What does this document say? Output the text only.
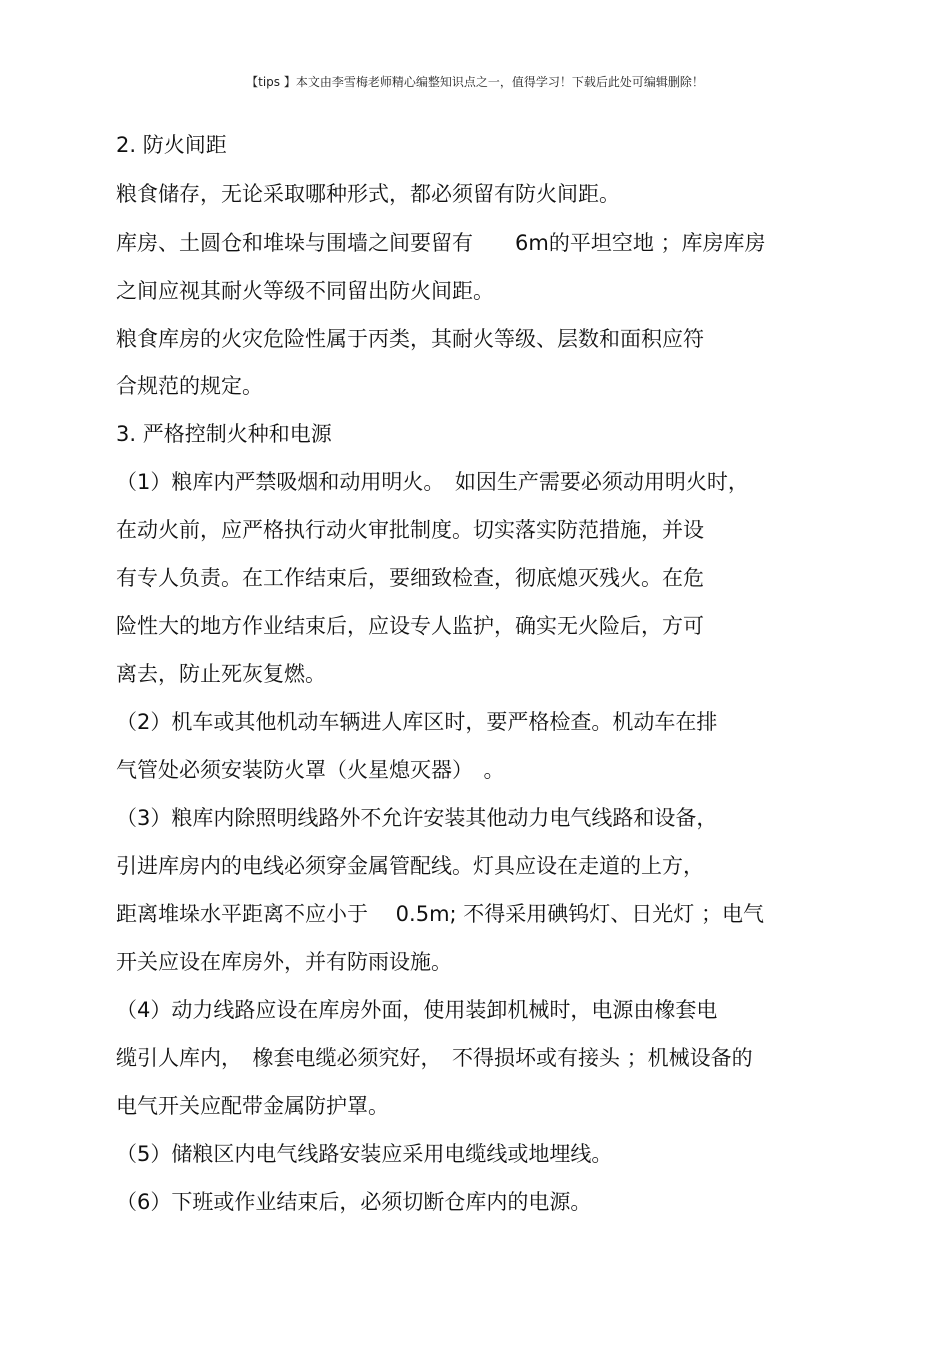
【tips 】本文由李雪梅老师精心编整知识点之一，值得学习！下载后此处可编辑删除！
2. 防火间距
粮食储存，无论采取哪种形式，都必须留有防火间距。
库房、土圆仓和堆垛与围墙之间要留有　　6m的平坦空地 ；库房库房
之间应视其耐火等级不同留出防火间距。
粮食库房的火灾危险性属于丙类，其耐火等级、层数和面积应符
合规范的规定。
3. 严格控制火种和电源
（1）粮库内严禁吸烟和动用明火。　如因生产需要必须动用明火时，
在动火前，应严格执行动火审批制度。切实落实防范措施，并设
有专人负责。在工作结束后，要细致检查，彻底熄灭残火。在危
险性大的地方作业结束后，应设专人监护，确实无火险后，方可
离去，防止死灰复燃。
（2）机车或其他机动车辆进人库区时，要严格检查。机动车在排
气管处必须安装防火罩（火星熄灭器）　。
（3）粮库内除照明线路外不允许安装其他动力电气线路和设备，
引进库房内的电线必须穿金属管配线。灯具应设在走道的上方，
距离堆垛水平距离不应小于　 0.5m; 不得采用碘钨灯、日光灯 ；电气
开关应设在库房外，并有防雨设施。
（4）动力线路应设在库房外面，使用装卸机械时，电源由橡套电
缆引人库内，　橡套电缆必须究好，　不得损坏或有接头 ；机械设备的
电气开关应配带金属防护罩。
（5）储粮区内电气线路安装应采用电缆线或地埋线。
（6）下班或作业结束后，必须切断仓库内的电源。
